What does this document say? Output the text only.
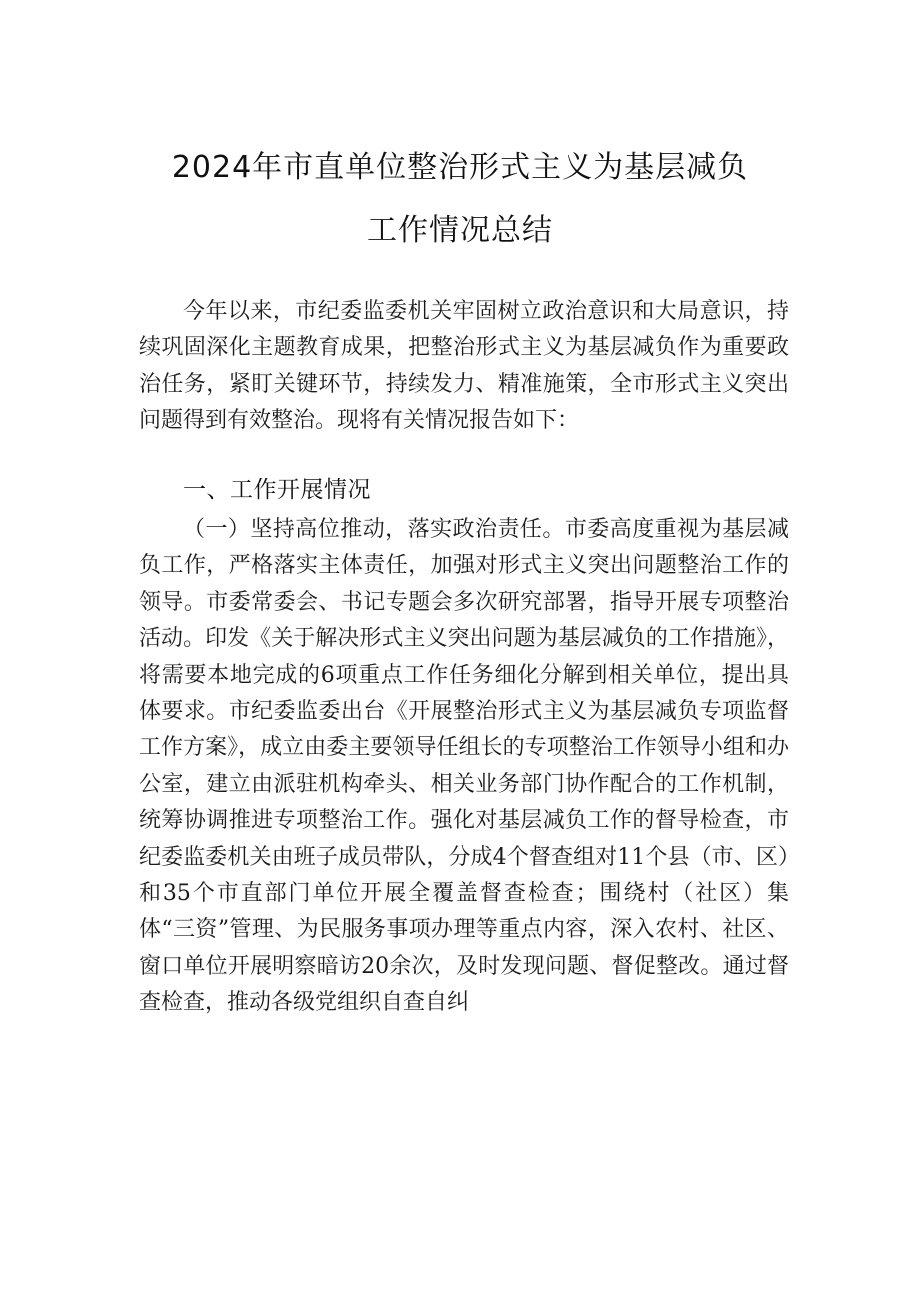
2024年市直单位整治形式主义为基层减负
工作情况总结

今年以来，市纪委监委机关牢固树立政治意识和大局意识，持续巩固深化主题教育成果，把整治形式主义为基层减负作为重要政治任务，紧盯关键环节，持续发力、精准施策，全市形式主义突出问题得到有效整治。现将有关情况报告如下：

一、工作开展情况

（一）坚持高位推动，落实政治责任。市委高度重视为基层减负工作，严格落实主体责任，加强对形式主义突出问题整治工作的领导。市委常委会、书记专题会多次研究部署，指导开展专项整治活动。印发《关于解决形式主义突出问题为基层减负的工作措施》，将需要本地完成的6项重点工作任务细化分解到相关单位，提出具体要求。市纪委监委出台《开展整治形式主义为基层减负专项监督工作方案》，成立由委主要领导任组长的专项整治工作领导小组和办公室，建立由派驻机构牵头、相关业务部门协作配合的工作机制，统筹协调推进专项整治工作。强化对基层减负工作的督导检查，市纪委监委机关由班子成员带队，分成4个督查组对11个县（市、区）和35个市直部门单位开展全覆盖督查检查；围绕村（社区）集体“三资”管理、为民服务事项办理等重点内容，深入农村、社区、窗口单位开展明察暗访20余次，及时发现问题、督促整改。通过督查检查，推动各级党组织自查自纠
